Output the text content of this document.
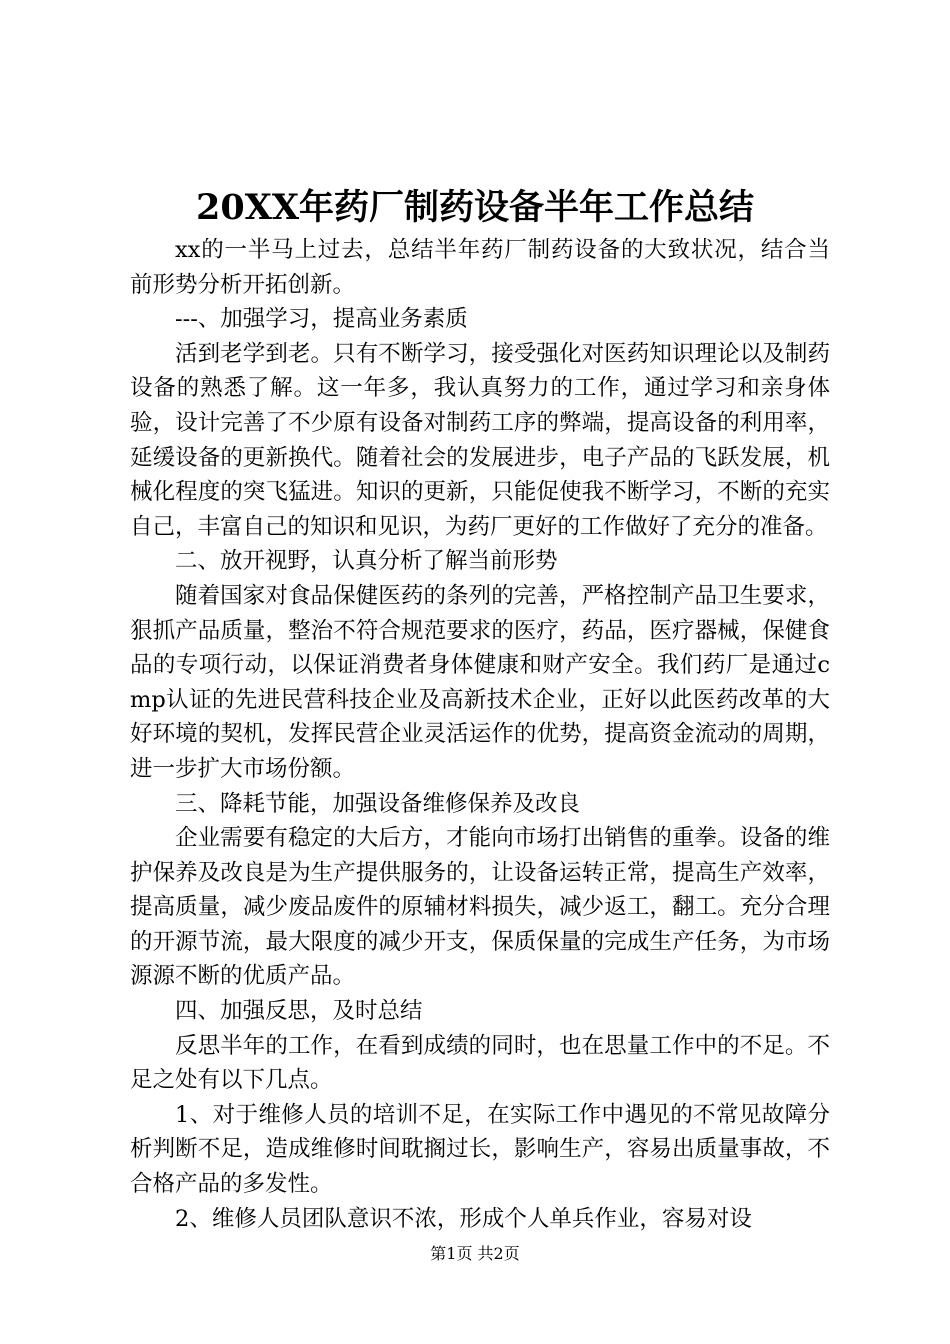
20XX年药厂制药设备半年工作总结

xx的一半马上过去，总结半年药厂制药设备的大致状况，结合当前形势分析开拓创新。

---、加强学习，提高业务素质

活到老学到老。只有不断学习，接受强化对医药知识理论以及制药设备的熟悉了解。这一年多，我认真努力的工作，通过学习和亲身体验，设计完善了不少原有设备对制药工序的弊端，提高设备的利用率，延缓设备的更新换代。随着社会的发展进步，电子产品的飞跃发展，机械化程度的突飞猛进。知识的更新，只能促使我不断学习，不断的充实自己，丰富自己的知识和见识，为药厂更好的工作做好了充分的准备。

二、放开视野，认真分析了解当前形势

随着国家对食品保健医药的条列的完善，严格控制产品卫生要求，狠抓产品质量，整治不符合规范要求的医疗，药品，医疗器械，保健食品的专项行动，以保证消费者身体健康和财产安全。我们药厂是通过cmp认证的先进民营科技企业及高新技术企业，正好以此医药改革的大好环境的契机，发挥民营企业灵活运作的优势，提高资金流动的周期，进一步扩大市场份额。

三、降耗节能，加强设备维修保养及改良

企业需要有稳定的大后方，才能向市场打出销售的重拳。设备的维护保养及改良是为生产提供服务的，让设备运转正常，提高生产效率，提高质量，减少废品废件的原辅材料损失，减少返工，翻工。充分合理的开源节流，最大限度的减少开支，保质保量的完成生产任务，为市场源源不断的优质产品。

四、加强反思，及时总结

反思半年的工作，在看到成绩的同时，也在思量工作中的不足。不足之处有以下几点。

1、对于维修人员的培训不足，在实际工作中遇见的不常见故障分析判断不足，造成维修时间耽搁过长，影响生产，容易出质量事故，不合格产品的多发性。

2、维修人员团队意识不浓，形成个人单兵作业，容易对设

第1页 共2页
